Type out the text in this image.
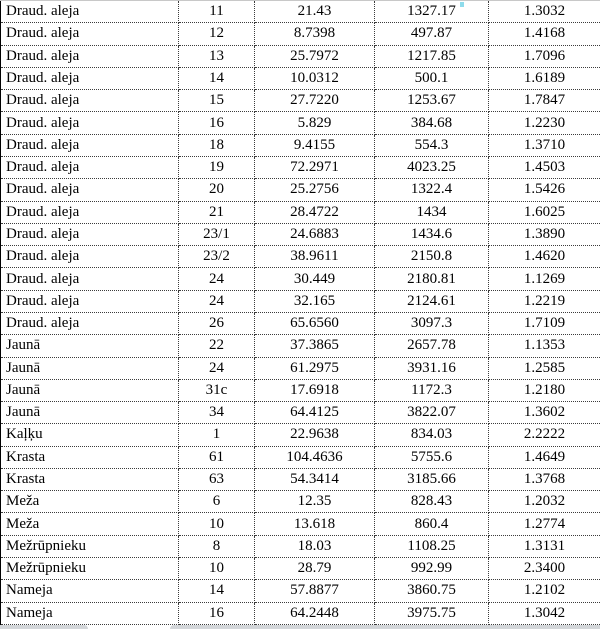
Draud. aleja	11	21.43	1327.17	1.3032
Draud. aleja	12	8.7398	497.87	1.4168
Draud. aleja	13	25.7972	1217.85	1.7096
Draud. aleja	14	10.0312	500.1	1.6189
Draud. aleja	15	27.7220	1253.67	1.7847
Draud. aleja	16	5.829	384.68	1.2230
Draud. aleja	18	9.4155	554.3	1.3710
Draud. aleja	19	72.2971	4023.25	1.4503
Draud. aleja	20	25.2756	1322.4	1.5426
Draud. aleja	21	28.4722	1434	1.6025
Draud. aleja	23/1	24.6883	1434.6	1.3890
Draud. aleja	23/2	38.9611	2150.8	1.4620
Draud. aleja	24	30.449	2180.81	1.1269
Draud. aleja	24	32.165	2124.61	1.2219
Draud. aleja	26	65.6560	3097.3	1.7109
Jaunā	22	37.3865	2657.78	1.1353
Jaunā	24	61.2975	3931.16	1.2585
Jaunā	31c	17.6918	1172.3	1.2180
Jaunā	34	64.4125	3822.07	1.3602
Kaļķu	1	22.9638	834.03	2.2222
Krasta	61	104.4636	5755.6	1.4649
Krasta	63	54.3414	3185.66	1.3768
Meža	6	12.35	828.43	1.2032
Meža	10	13.618	860.4	1.2774
Mežrūpnieku	8	18.03	1108.25	1.3131
Mežrūpnieku	10	28.79	992.99	2.3400
Nameja	14	57.8877	3860.75	1.2102
Nameja	16	64.2448	3975.75	1.3042
